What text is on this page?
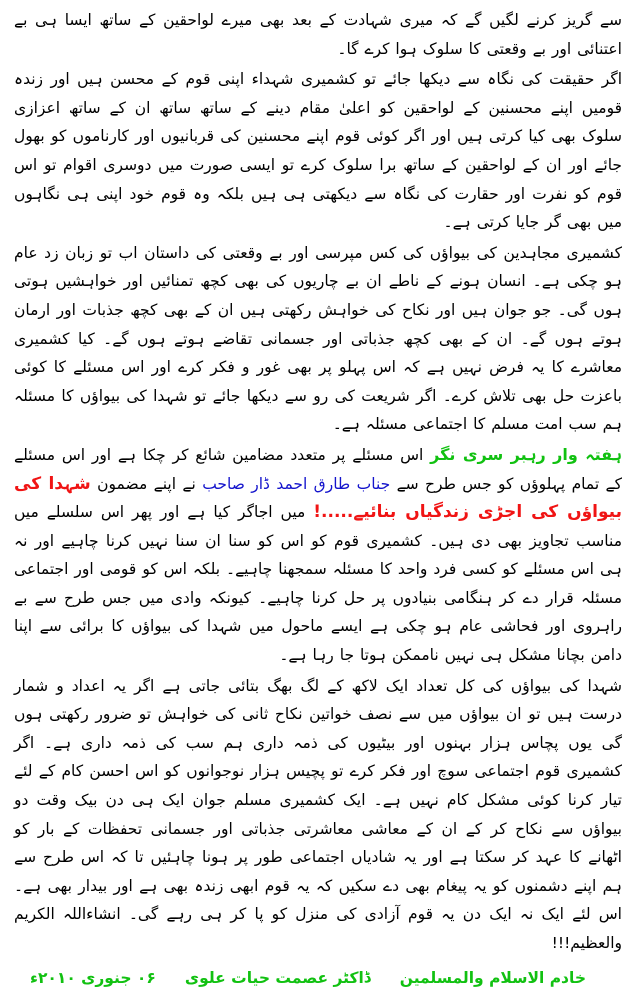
سے گریز کرنے لگیں گے کہ میری شہادت کے بعد بھی میرے لواحقین کے ساتھ ایسا ہی بے اعتنائی اور بے وقعتی کا سلوک ہوا کرے گا۔

اگر حقیقت کی نگاہ سے دیکھا جائے تو کشمیری شہداء اپنی قوم کے محسن ہیں اور زندہ قومیں اپنے محسنین کے لواحقین کو اعلیٰ مقام دینے کے ساتھ ساتھ ان کے ساتھ اعزازی سلوک بھی کیا کرتی ہیں اور اگر کوئی قوم اپنے محسنین کی قربانیوں اور کارناموں کو بھول جائے اور ان کے لواحقین کے ساتھ برا سلوک کرے تو ایسی صورت میں دوسری اقوام تو اس قوم کو نفرت اور حقارت کی نگاہ سے دیکھتی ہی ہیں بلکہ وہ قوم خود اپنی ہی نگاہوں میں بھی گر جایا کرتی ہے۔

کشمیری مجاہدین کی بیواؤں کی کس مپرسی اور بے وقعتی کی داستان اب تو زبان زد عام ہو چکی ہے۔ انسان ہونے کے ناطے ان بے چاریوں کی بھی کچھ تمنائیں اور خواہشیں ہوتی ہوں گی۔ جو جوان ہیں اور نکاح کی خواہش رکھتی ہیں ان کے بھی کچھ جذبات اور ارمان ہوتے ہوں گے۔ ان کے بھی کچھ جذباتی اور جسمانی تقاضے ہوتے ہوں گے۔ کیا کشمیری معاشرے کا یہ فرض نہیں ہے کہ اس پہلو پر بھی غور و فکر کرے اور اس مسئلے کا کوئی باعزت حل بھی تلاش کرے۔ اگر شریعت کی رو سے دیکھا جائے تو شہدا کی بیواؤں کا مسئلہ ہم سب امت مسلم کا اجتماعی مسئلہ ہے۔

ہفتہ وار رہبر سری نگر اس مسئلے پر متعدد مضامین شائع کر چکا ہے اور اس مسئلے کے تمام پہلوؤں کو جس طرح سے جناب طارق احمد ڈار صاحب نے اپنے مضمون شہدا کی بیواؤں کی اجڑی زندگیاں بنائیے.....! میں اجاگر کیا ہے اور پھر اس سلسلے میں مناسب تجاویز بھی دی ہیں۔ کشمیری قوم کو اس کو سنا ان سنا نہیں کرنا چاہیے اور نہ ہی اس مسئلے کو کسی فرد واحد کا مسئلہ سمجھنا چاہیے۔ بلکہ اس کو قومی اور اجتماعی مسئلہ قرار دے کر ہنگامی بنیادوں پر حل کرنا چاہیے۔ کیونکہ وادی میں جس طرح سے بے راہروی اور فحاشی عام ہو چکی ہے ایسے ماحول میں شہدا کی بیواؤں کا برائی سے اپنا دامن بچانا مشکل ہی نہیں ناممکن ہوتا جا رہا ہے۔

شہدا کی بیواؤں کی کل تعداد ایک لاکھ کے لگ بھگ بتائی جاتی ہے اگر یہ اعداد و شمار درست ہیں تو ان بیواؤں میں سے نصف خواتین نکاح ثانی کی خواہش تو ضرور رکھتی ہوں گی یوں پچاس ہزار بہنوں اور بیٹیوں کی ذمہ داری ہم سب کی ذمہ داری ہے۔ اگر کشمیری قوم اجتماعی سوچ اور فکر کرے تو پچیس ہزار نوجوانوں کو اس احسن کام کے لئے تیار کرنا کوئی مشکل کام نہیں ہے۔ ایک کشمیری مسلم جوان ایک ہی دن بیک وقت دو بیواؤں سے نکاح کر کے ان کے معاشی معاشرتی جذباتی اور جسمانی تحفظات کے بار کو اٹھانے کا عہد کر سکتا ہے اور یہ شادیاں اجتماعی طور پر ہونا چاہئیں تا کہ اس طرح سے ہم اپنے دشمنوں کو یہ پیغام بھی دے سکیں کہ یہ قوم ابھی زندہ بھی ہے اور بیدار بھی ہے۔ اس لئے ایک نہ ایک دن یہ قوم آزادی کی منزل کو پا کر ہی رہے گی۔ انشاءاللہ الکریم والعظیم!!!

خادم الاسلام والمسلمین
ڈاکٹر عصمت حیات علوی
۰۶ جنوری ۲۰۱۰ء
